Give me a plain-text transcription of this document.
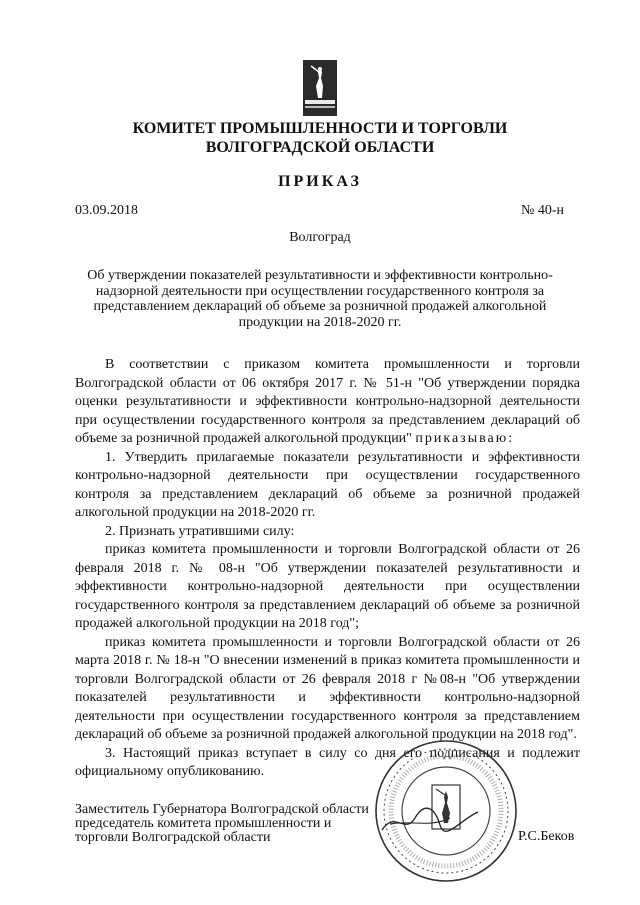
КОМИТЕТ ПРОМЫШЛЕННОСТИ И ТОРГОВЛИ
ВОЛГОГРАДСКОЙ ОБЛАСТИ
ПРИКАЗ
03.09.2018	№ 40-н
Волгоград
Об утверждении показателей результативности и эффективности контрольно-надзорной деятельности при осуществлении государственного контроля за представлением деклараций об объеме за розничной продажей алкогольной продукции на 2018-2020 гг.

В соответствии с приказом комитета промышленности и торговли Волгоградской области от 06 октября 2017 г. № 51-н "Об утверждении порядка оценки результативности и эффективности контрольно-надзорной деятельности при осуществлении государственного контроля за представлением деклараций об объеме за розничной продажей алкогольной продукции" приказываю:

1. Утвердить прилагаемые показатели результативности и эффективности контрольно-надзорной деятельности при осуществлении государственного контроля за представлением деклараций об объеме за розничной продажей алкогольной продукции на 2018-2020 гг.

2. Признать утратившими силу:

приказ комитета промышленности и торговли Волгоградской области от 26 февраля 2018 г. № 08-н "Об утверждении показателей результативности и эффективности контрольно-надзорной деятельности при осуществлении государственного контроля за представлением деклараций об объеме за розничной продажей алкогольной продукции на 2018 год";

приказ комитета промышленности и торговли Волгоградской области от 26 марта 2018 г. № 18-н "О внесении изменений в приказ комитета промышленности и торговли Волгоградской области от 26 февраля 2018 г №08-н "Об утверждении показателей результативности и эффективности контрольно-надзорной деятельности при осуществлении государственного контроля за представлением деклараций об объеме за розничной продажей алкогольной продукции на 2018 год".

3. Настоящий приказ вступает в силу со дня его подписания и подлежит официальному опубликованию.

Заместитель Губернатора Волгоградской области
председатель комитета промышленности и
торговли Волгоградской области	Р.С.Беков
